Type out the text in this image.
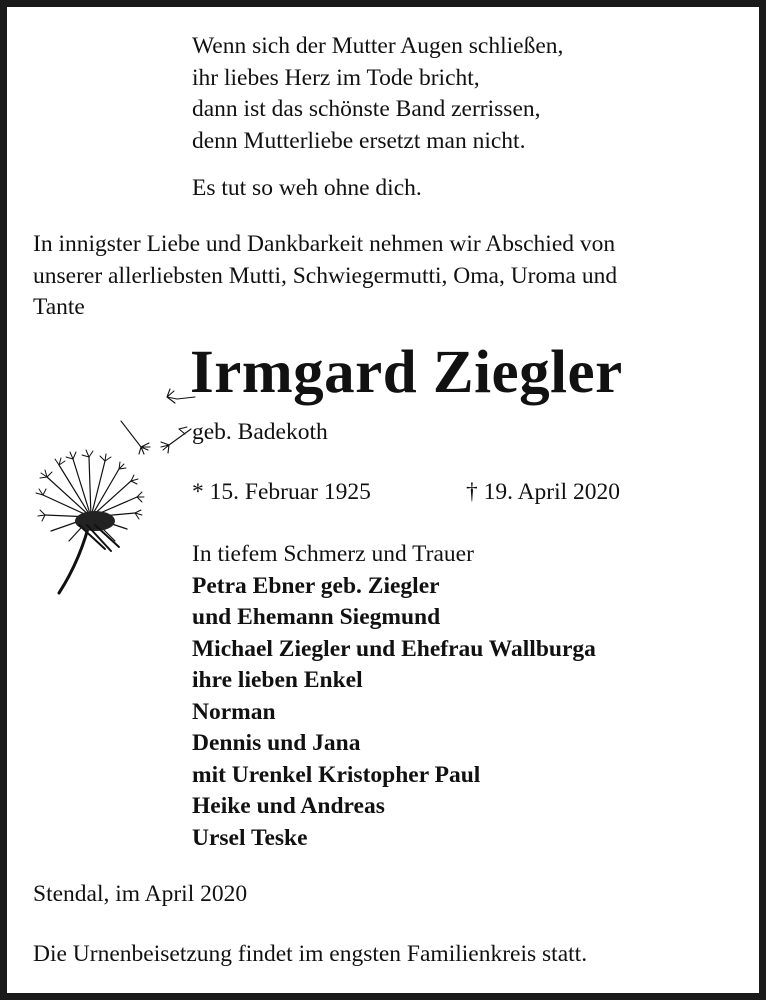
Wenn sich der Mutter Augen schließen,
ihr liebes Herz im Tode bricht,
dann ist das schönste Band zerrissen,
denn Mutterliebe ersetzt man nicht.
Es tut so weh ohne dich.
In innigster Liebe und Dankbarkeit nehmen wir Abschied von
unserer allerliebsten Mutti, Schwiegermutti, Oma, Uroma und
Tante
Irmgard Ziegler
geb. Badekoth
* 15. Februar 1925	† 19. April 2020
In tiefem Schmerz und Trauer
Petra Ebner geb. Ziegler
und Ehemann Siegmund
Michael Ziegler und Ehefrau Wallburga
ihre lieben Enkel
Norman
Dennis und Jana
mit Urenkel Kristopher Paul
Heike und Andreas
Ursel Teske
Stendal, im April 2020
Die Urnenbeisetzung findet im engsten Familienkreis statt.
